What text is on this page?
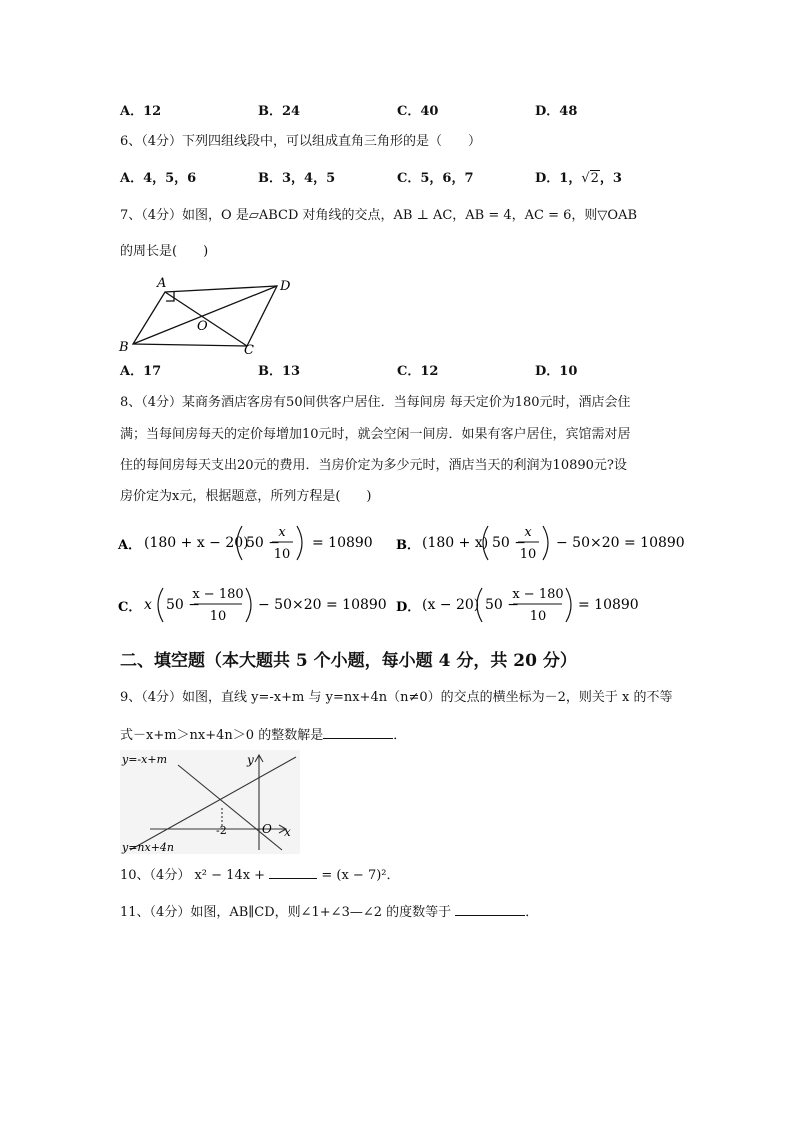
A．12	B．24	C．40	D．48
6、（4分）下列四组线段中，可以组成直角三角形的是（　　）
A．4，5，6	B．3，4，5	C．5，6，7	D．1，√2，3
7、（4分）如图，O 是▱ABCD 对角线的交点，AB ⊥ AC，AB = 4，AC = 6，则▽OAB
的周长是(　　)
A	D
B	C
O
A．17	B．13	C．12	D．10
8、（4分）某商务酒店客房有50间供客户居住．当每间房 每天定价为180元时，酒店会住
满；当每间房每天的定价每增加10元时，就会空闲一间房．如果有客户居住，宾馆需对居
住的每间房每天支出20元的费用．当房价定为多少元时，酒店当天的利润为10890元?设
房价定为x元，根据题意，所列方程是(　　)
A． (180 + x − 20)
50 −
x
10
= 10890 B． (180 + x) 50 −
x
10
− 50×20 = 10890
C． x 50 −
x − 180
10
− 50×20 = 10890 D． (x − 20) 50 −
x − 180
10
= 10890
二、填空题（本大题共 5 个小题，每小题 4 分，共 20 分）
9、（4分）如图，直线 y=-x+m 与 y=nx+4n（n≠0）的交点的横坐标为－2，则关于 x 的不等
式－x+m＞nx+4n＞0 的整数解是	．
y=-x+m
y=nx+4n
y
x
O
-2
10、（4分） x² − 14x +	= (x − 7)²．
11、（4分）如图，AB∥CD，则∠1+∠3—∠2 的度数等于	．
